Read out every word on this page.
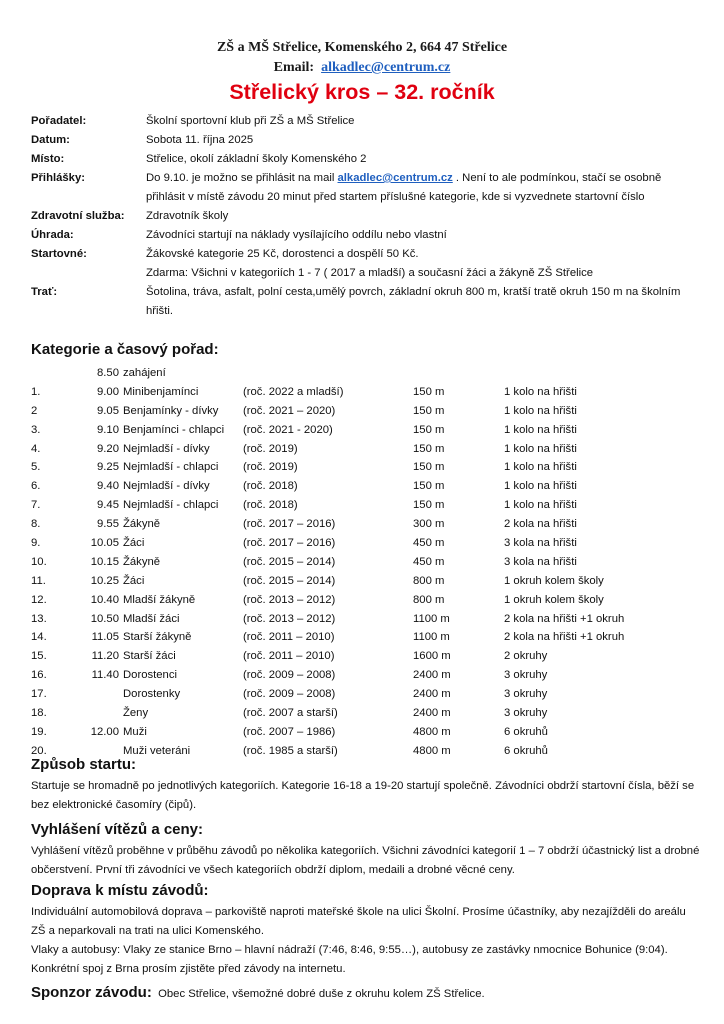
ZŠ a MŠ Střelice, Komenského 2, 664 47 Střelice
Email: alkadlec@centrum.cz
Střelický kros – 32. ročník
Pořadatel:	Školní sportovní klub při ZŠ a MŠ Střelice
Datum:	Sobota 11. října 2025
Místo:	Střelice, okolí základní školy Komenského 2
Přihlášky:	Do 9.10. je možno se přihlásit na mail alkadlec@centrum.cz . Není to ale podmínkou, stačí se osobně přihlásit v místě závodu 20 minut před startem příslušné kategorie, kde si vyzvednete startovní číslo
Zdravotní služba:	Zdravotník školy
Úhrada:	Závodníci startují na náklady vysílajícího oddílu nebo vlastní
Startovné:	Žákovské kategorie 25 Kč, dorostenci a dospělí 50 Kč.
Zdarma: Všichni v kategoriích 1 - 7 ( 2017 a mladší) a současní žáci a žákyně ZŠ Střelice
Trať:	Šotolina, tráva, asfalt, polní cesta,umělý povrch, základní okruh 800 m, kratší tratě okruh 150 m na školním hřišti.
Kategorie a časový pořad:
8.50 zahájení
1.	9.00 Minibenjamínci	(roč. 2022 a mladší)	150 m	1 kolo na hřišti
2	9.05 Benjamínky - dívky (roč. 2021 – 2020)	150 m	1 kolo na hřišti
3.	9.10 Benjamínci - chlapci (roč. 2021 - 2020)	150 m	1 kolo na hřišti
4.	9.20 Nejmladší - dívky	(roč. 2019)	150 m	1 kolo na hřišti
5.	9.25 Nejmladší - chlapci (roč. 2019)	150 m	1 kolo na hřišti
6.	9.40 Nejmladší - dívky	(roč. 2018)	150 m	1 kolo na hřišti
7.	9.45 Nejmladší - chlapci (roč. 2018)	150 m	1 kolo na hřišti
8.	9.55 Žákyně	(roč. 2017 – 2016)	300 m	2 kola na hřišti
9.	10.05 Žáci	(roč. 2017 – 2016)	450 m	3 kola na hřišti
10.	10.15 Žákyně	(roč. 2015 – 2014)	450 m	3 kola na hřišti
11.	10.25 Žáci	(roč. 2015 – 2014)	800 m	1 okruh kolem školy
12.	10.40 Mladší žákyně	(roč. 2013 – 2012)	800 m	1 okruh kolem školy
13.	10.50 Mladší žáci	(roč. 2013 – 2012)	1100 m	2 kola na hřišti +1 okruh
14.	11.05 Starší žákyně	(roč. 2011 – 2010)	1100 m	2 kola na hřišti +1 okruh
15.	11.20 Starší žáci	(roč. 2011 – 2010)	1600 m	2 okruhy
16.	11.40 Dorostenci	(roč. 2009 – 2008)	2400 m	3 okruhy
17.	Dorostenky	(roč. 2009 – 2008)	2400 m	3 okruhy
18.	Ženy	(roč. 2007 a starší)	2400 m	3 okruhy
19.	12.00 Muži	(roč. 2007 – 1986)	4800 m	6 okruhů
20.	Muži veteráni	(roč. 1985 a starší)	4800 m	6 okruhů
Způsob startu:
Startuje se hromadně po jednotlivých kategoriích. Kategorie 16-18 a 19-20 startují společně. Závodníci obdrží startovní čísla, běží se bez elektronické časomíry (čipů).
Vyhlášení vítězů a ceny:
Vyhlášení vítězů proběhne v průběhu závodů po několika kategoriích. Všichni závodníci kategorií 1 – 7 obdrží účastnický list a drobné občerstvení. První tři závodníci ve všech kategoriích obdrží diplom, medaili a drobné věcné ceny.
Doprava k místu závodů:
Individuální automobilová doprava – parkoviště naproti mateřské škole na ulici Školní. Prosíme účastníky, aby nezajížděli do areálu ZŠ a neparkovali na trati na ulici Komenského.
Vlaky a autobusy: Vlaky ze stanice Brno – hlavní nádraží (7:46, 8:46, 9:55…), autobusy ze zastávky nmocnice Bohunice (9:04). Konkrétní spoj z Brna prosím zjistěte před závody na internetu.
Sponzor závodu: Obec Střelice, všemožné dobré duše z okruhu kolem ZŠ Střelice.
